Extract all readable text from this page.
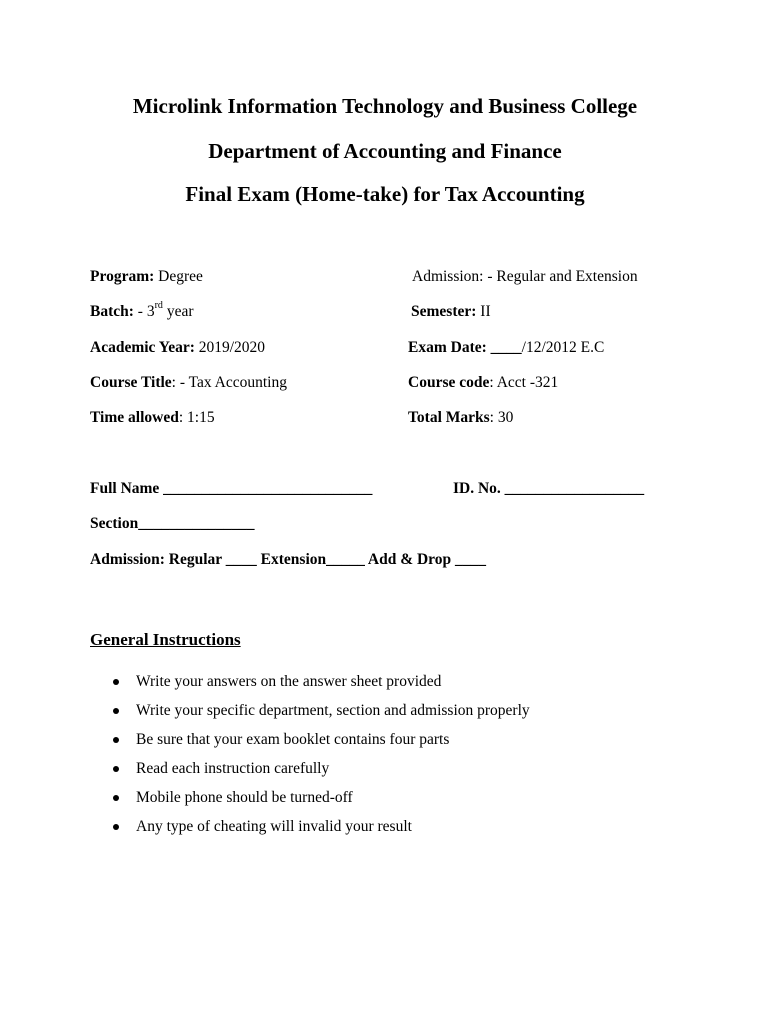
Microlink Information Technology and Business College
Department of Accounting and Finance
Final Exam (Home-take) for Tax Accounting
Program: Degree	Admission: - Regular and Extension
Batch: - 3rd year	Semester: II
Academic Year: 2019/2020	Exam Date: ____/12/2012 E.C
Course Title: - Tax Accounting	Course code: Acct -321
Time allowed: 1:15	Total Marks: 30
Full Name ___________________________	ID. No. __________________
Section_______________
Admission: Regular ____ Extension_____ Add & Drop ____
General Instructions
Write your answers on the answer sheet provided
Write your specific department, section and admission properly
Be sure that your exam booklet contains four parts
Read each instruction carefully
Mobile phone should be turned-off
Any type of cheating will invalid your result
